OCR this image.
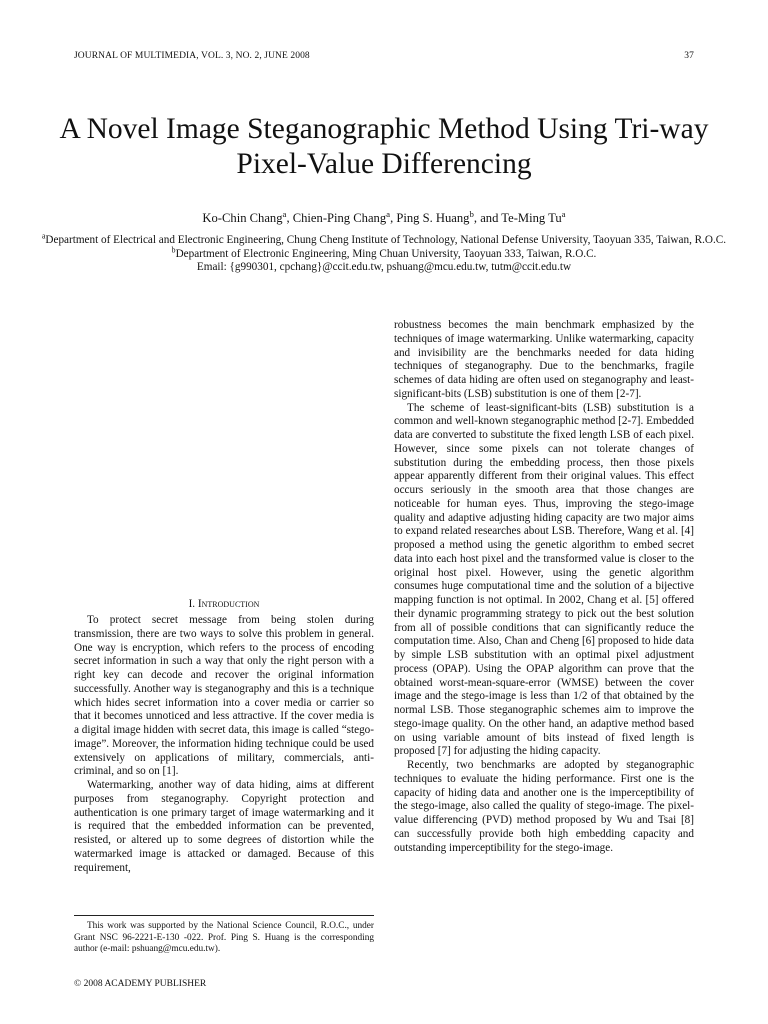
JOURNAL OF MULTIMEDIA, VOL. 3, NO. 2, JUNE 2008	37
A Novel Image Steganographic Method Using Tri-way Pixel-Value Differencing
Ko-Chin Chang$^a$, Chien-Ping Chang$^a$, Ping S. Huang$^b$, and Te-Ming Tu$^a$
$^a$Department of Electrical and Electronic Engineering, Chung Cheng Institute of Technology, National Defense University, Taoyuan 335, Taiwan, R.O.C.
$^b$Department of Electronic Engineering, Ming Chuan University, Taoyuan 333, Taiwan, R.O.C.
Email: {g990301, cpchang}@ccit.edu.tw, pshuang@mcu.edu.tw, tutm@ccit.edu.tw
I. Introduction

To protect secret message from being stolen during transmission, there are two ways to solve this problem in general. One way is encryption, which refers to the process of encoding secret information in such a way that only the right person with a right key can decode and recover the original information successfully. Another way is steganography and this is a technique which hides secret information into a cover media or carrier so that it becomes unnoticed and less attractive. If the cover media is a digital image hidden with secret data, this image is called “stego-image”. Moreover, the information hiding technique could be used extensively on applications of military, commercials, anti-criminal, and so on [1].

Watermarking, another way of data hiding, aims at different purposes from steganography. Copyright protection and authentication is one primary target of image watermarking and it is required that the embedded information can be prevented, resisted, or altered up to some degrees of distortion while the watermarked image is attacked or damaged. Because of this requirement,

robustness becomes the main benchmark emphasized by the techniques of image watermarking. Unlike watermarking, capacity and invisibility are the benchmarks needed for data hiding techniques of steganography. Due to the benchmarks, fragile schemes of data hiding are often used on steganography and least-significant-bits (LSB) substitution is one of them [2-7].

The scheme of least-significant-bits (LSB) substitution is a common and well-known steganographic method [2-7]. Embedded data are converted to substitute the fixed length LSB of each pixel. However, since some pixels can not tolerate changes of substitution during the embedding process, then those pixels appear apparently different from their original values. This effect occurs seriously in the smooth area that those changes are noticeable for human eyes. Thus, improving the stego-image quality and adaptive adjusting hiding capacity are two major aims to expand related researches about LSB. Therefore, Wang et al. [4] proposed a method using the genetic algorithm to embed secret data into each host pixel and the transformed value is closer to the original host pixel. However, using the genetic algorithm consumes huge computational time and the solution of a bijective mapping function is not optimal. In 2002, Chang et al. [5] offered their dynamic programming strategy to pick out the best solution from all of possible conditions that can significantly reduce the computation time. Also, Chan and Cheng [6] proposed to hide data by simple LSB substitution with an optimal pixel adjustment process (OPAP). Using the OPAP algorithm can prove that the obtained worst-mean-square-error (WMSE) between the cover image and the stego-image is less than 1/2 of that obtained by the normal LSB. Those steganographic schemes aim to improve the stego-image quality. On the other hand, an adaptive method based on using variable amount of bits instead of fixed length is proposed [7] for adjusting the hiding capacity.

Recently, two benchmarks are adopted by steganographic techniques to evaluate the hiding performance. First one is the capacity of hiding data and another one is the imperceptibility of the stego-image, also called the quality of stego-image. The pixel-value differencing (PVD) method proposed by Wu and Tsai [8] can successfully provide both high embedding capacity and outstanding imperceptibility for the stego-image.

This work was supported by the National Science Council, R.O.C., under Grant NSC 96-2221-E-130 -022. Prof. Ping S. Huang is the corresponding author (e-mail: pshuang@mcu.edu.tw).
© 2008 ACADEMY PUBLISHER
